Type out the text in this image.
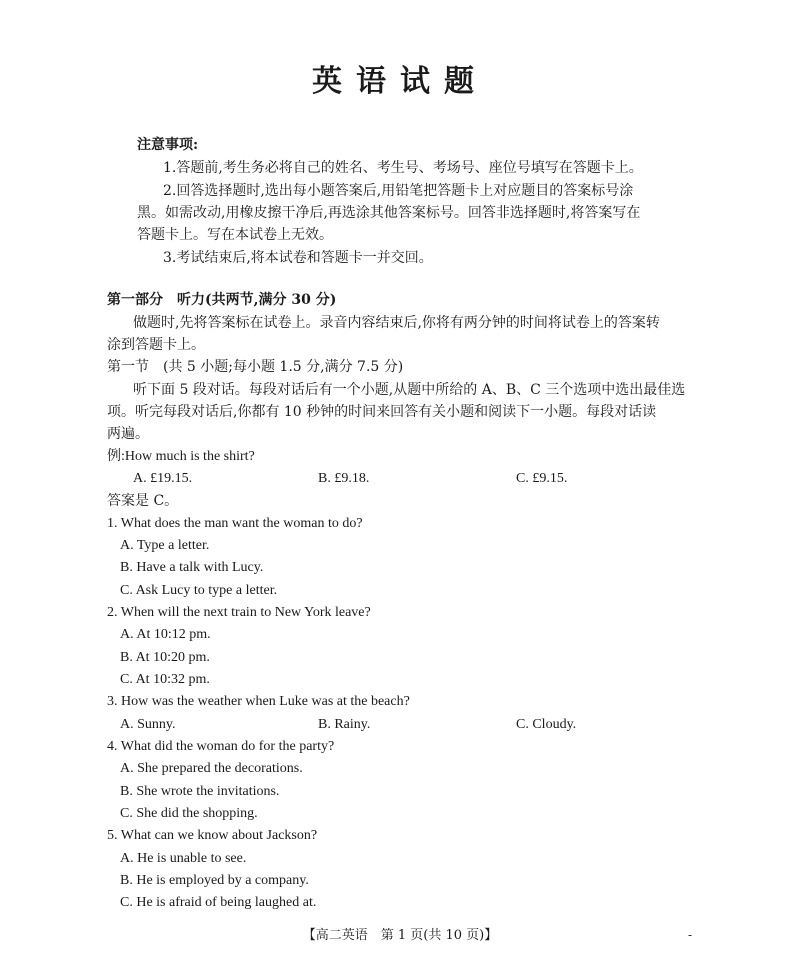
英语试题
注意事项:
1.答题前,考生务必将自己的姓名、考生号、考场号、座位号填写在答题卡上。
2.回答选择题时,选出每小题答案后,用铅笔把答题卡上对应题目的答案标号涂
黑。如需改动,用橡皮擦干净后,再选涂其他答案标号。回答非选择题时,将答案写在
答题卡上。写在本试卷上无效。
3.考试结束后,将本试卷和答题卡一并交回。
第一部分　听力(共两节,满分 30 分)
做题时,先将答案标在试卷上。录音内容结束后,你将有两分钟的时间将试卷上的答案转
涂到答题卡上。
第一节　(共 5 小题;每小题 1.5 分,满分 7.5 分)
听下面 5 段对话。每段对话后有一个小题,从题中所给的 A、B、C 三个选项中选出最佳选
项。听完每段对话后,你都有 10 秒钟的时间来回答有关小题和阅读下一小题。每段对话读
两遍。
例:How much is the shirt?
A. £19.15.	B. £9.18.	C. £9.15.
答案是 C。
1. What does the man want the woman to do?
A. Type a letter.
B. Have a talk with Lucy.
C. Ask Lucy to type a letter.
2. When will the next train to New York leave?
A. At 10:12 pm.
B. At 10:20 pm.
C. At 10:32 pm.
3. How was the weather when Luke was at the beach?
A. Sunny.	B. Rainy.	C. Cloudy.
4. What did the woman do for the party?
A. She prepared the decorations.
B. She wrote the invitations.
C. She did the shopping.
5. What can we know about Jackson?
A. He is unable to see.
B. He is employed by a company.
C. He is afraid of being laughed at.
【高二英语　第 1 页(共 10 页)】	-
